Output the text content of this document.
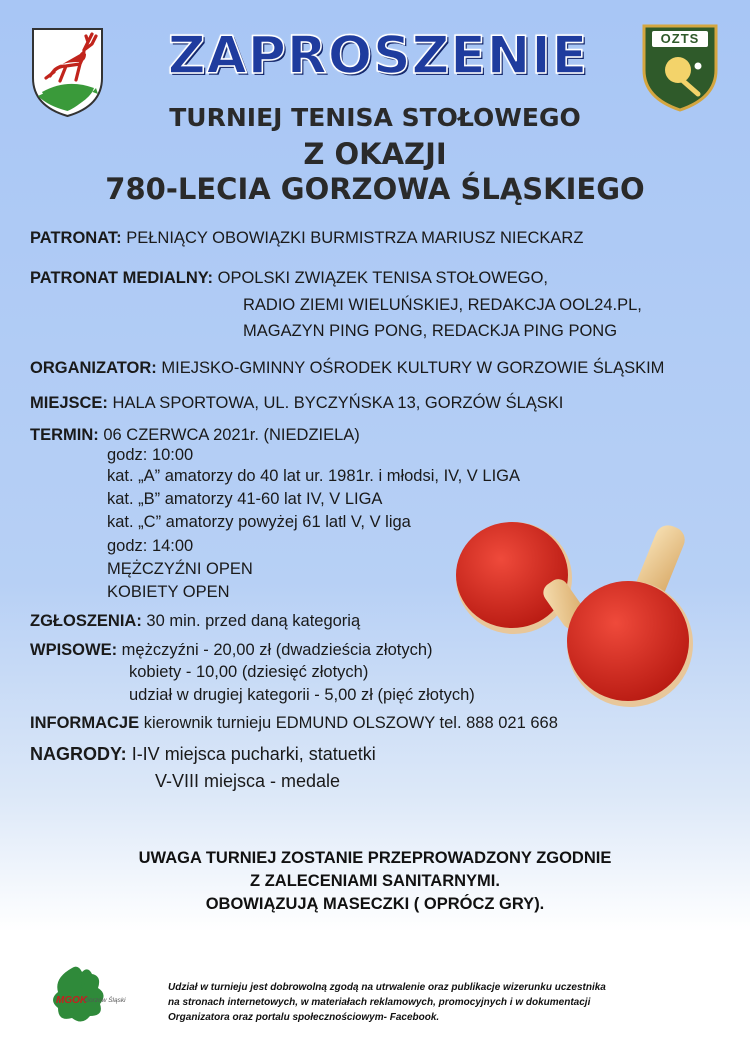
OZTS
ZAPROSZENIE
TURNIEJ TENISA STOŁOWEGO
Z OKAZJI
780-LECIA GORZOWA ŚLĄSKIEGO
PATRONAT: PEŁNIĄCY OBOWIĄZKI BURMISTRZA MARIUSZ NIECKARZ
PATRONAT MEDIALNY: OPOLSKI ZWIĄZEK TENISA STOŁOWEGO,
RADIO ZIEMI WIELUŃSKIEJ, REDAKCJA OOL24.PL,
MAGAZYN PING PONG, REDACKJA PING PONG
ORGANIZATOR: MIEJSKO-GMINNY OŚRODEK KULTURY W GORZOWIE ŚLĄSKIM
MIEJSCE: HALA SPORTOWA, UL. BYCZYŃSKA 13, GORZÓW ŚLĄSKI
TERMIN: 06 CZERWCA 2021r. (NIEDZIELA)
godz: 10:00
kat. „A” amatorzy do 40 lat ur. 1981r. i młodsi, IV, V LIGA
kat. „B” amatorzy 41-60 lat IV, V LIGA
kat. „C” amatorzy powyżej 61 latl V, V liga
godz: 14:00
MĘŻCZYŹNI OPEN
KOBIETY OPEN
ZGŁOSZENIA: 30 min. przed daną kategorią
WPISOWE: mężczyźni - 20,00 zł (dwadzieścia złotych)
kobiety - 10,00 (dziesięć złotych)
udział w drugiej kategorii - 5,00 zł (pięć złotych)
INFORMACJE kierownik turnieju EDMUND OLSZOWY tel. 888 021 668
NAGRODY: I-IV miejsca pucharki, statuetki
V-VIII miejsca - medale
UWAGA TURNIEJ ZOSTANIE PRZEPROWADZONY ZGODNIE
Z ZALECENIAMI SANITARNYMI.
OBOWIĄZUJĄ MASECZKI ( OPRÓCZ GRY).
MGOK
Gorzów Śląski
Udział w turnieju jest dobrowolną zgodą na utrwalenie oraz publikacje wizerunku uczestnika
na stronach internetowych, w materiałach reklamowych, promocyjnych i w dokumentacji
Organizatora oraz portalu społecznościowym- Facebook.
